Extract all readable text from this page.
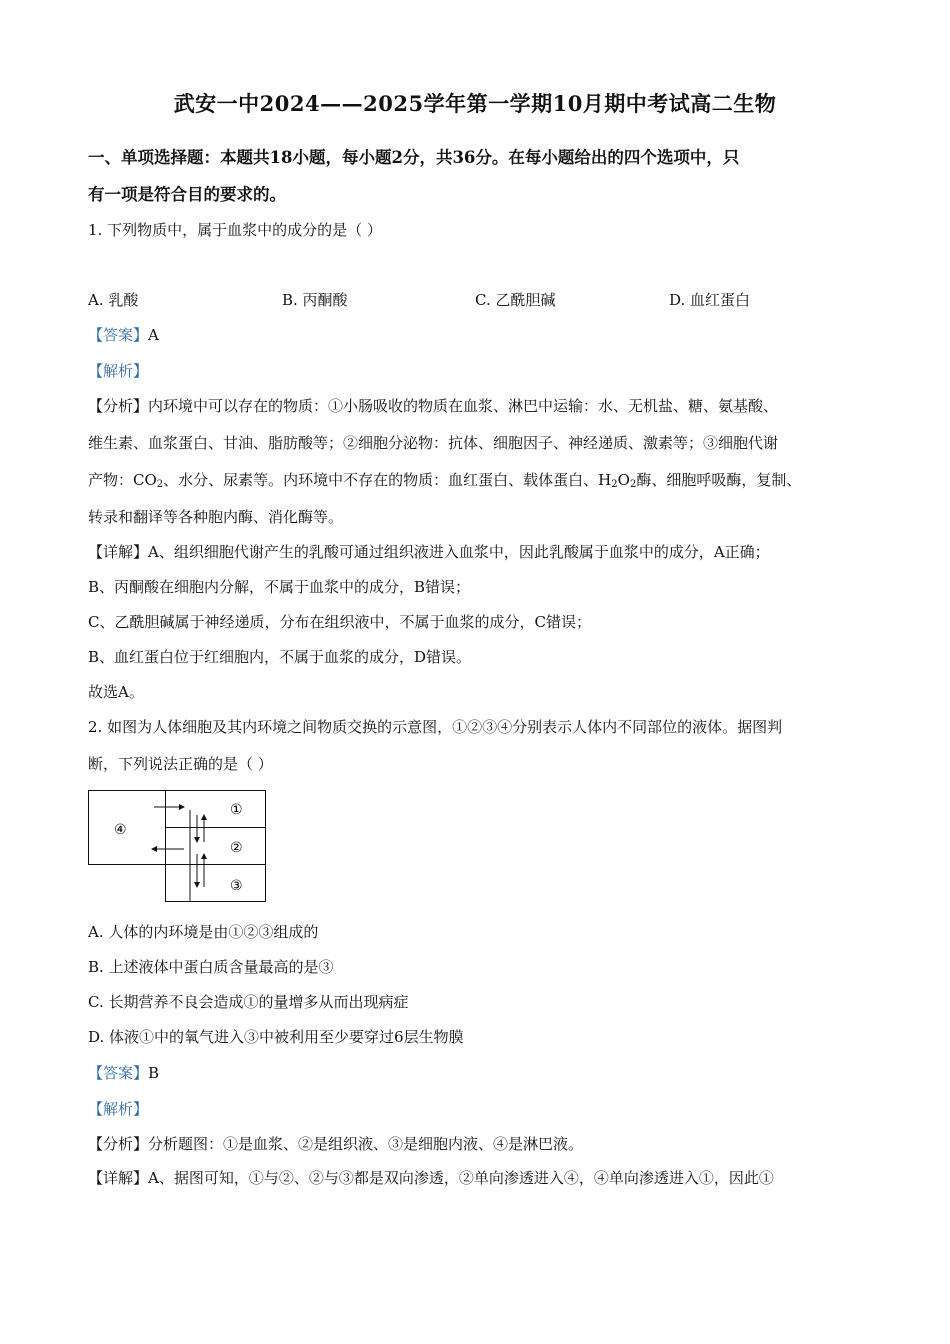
武安一中2024——2025学年第一学期10月期中考试高二生物
一、单项选择题：本题共18小题，每小题2分，共36分。在每小题给出的四个选项中，只
有一项是符合目的要求的。
1. 下列物质中，属于血浆中的成分的是（ ）
A. 乳酸	B. 丙酮酸	C. 乙酰胆碱	D. 血红蛋白
【答案】A
【解析】
【分析】内环境中可以存在的物质：①小肠吸收的物质在血浆、淋巴中运输：水、无机盐、糖、氨基酸、
维生素、血浆蛋白、甘油、脂肪酸等；②细胞分泌物：抗体、细胞因子、神经递质、激素等；③细胞代谢
产物：$CO_2$、水分、尿素等。内环境中不存在的物质：血红蛋白、载体蛋白、$H_2O_2$酶、细胞呼吸酶，复制、
转录和翻译等各种胞内酶、消化酶等。
【详解】A、组织细胞代谢产生的乳酸可通过组织液进入血浆中，因此乳酸属于血浆中的成分，A正确；
B、丙酮酸在细胞内分解，不属于血浆中的成分，B错误；
C、乙酰胆碱属于神经递质，分布在组织液中，不属于血浆的成分，C错误；
B、血红蛋白位于红细胞内，不属于血浆的成分，D错误。
故选A。
2. 如图为人体细胞及其内环境之间物质交换的示意图，①②③④分别表示人体内不同部位的液体。据图判
断，下列说法正确的是（ ）
④
①
②
③
A. 人体的内环境是由①②③组成的
B. 上述液体中蛋白质含量最高的是③
C. 长期营养不良会造成①的量增多从而出现病症
D. 体液①中的氧气进入③中被利用至少要穿过6层生物膜
【答案】B
【解析】
【分析】分析题图：①是血浆、②是组织液、③是细胞内液、④是淋巴液。
【详解】A、据图可知，①与②、②与③都是双向渗透，②单向渗透进入④，④单向渗透进入①，因此①
